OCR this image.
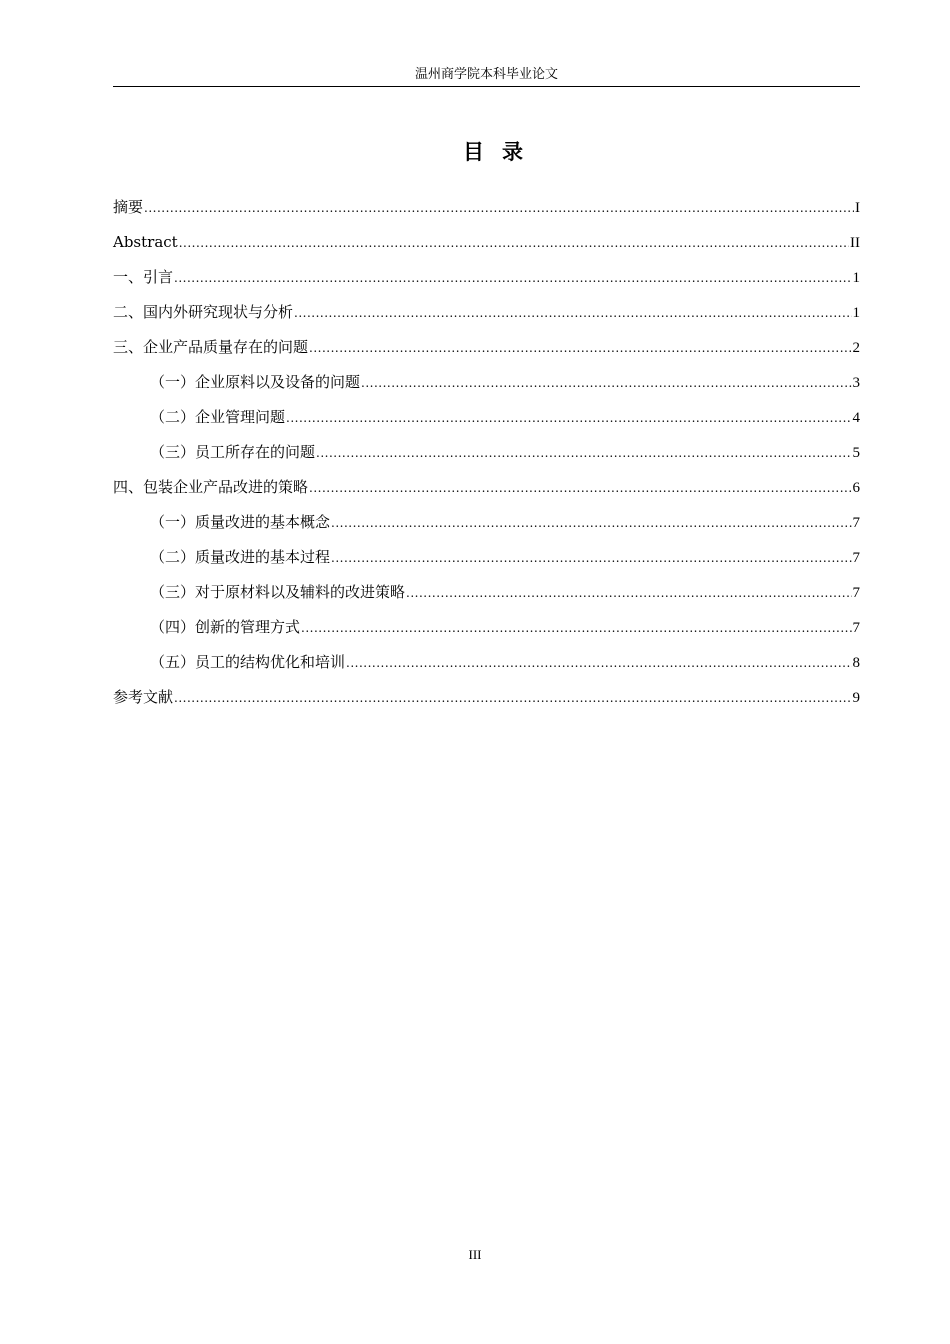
温州商学院本科毕业论文
目录
摘要 .....	I
Abstract .....	II
一、引言 .....	1
二、国内外研究现状与分析 .....	1
三、企业产品质量存在的问题 .....	2
（一）企业原料以及设备的问题 .....	3
（二）企业管理问题 .....	4
（三）员工所存在的问题 .....	5
四、包装企业产品改进的策略 .....	6
（一）质量改进的基本概念 .....	7
（二）质量改进的基本过程 .....	7
（三）对于原材料以及辅料的改进策略 .....	7
（四）创新的管理方式 .....	7
（五）员工的结构优化和培训 .....	8
参考文献 .....	9
III
